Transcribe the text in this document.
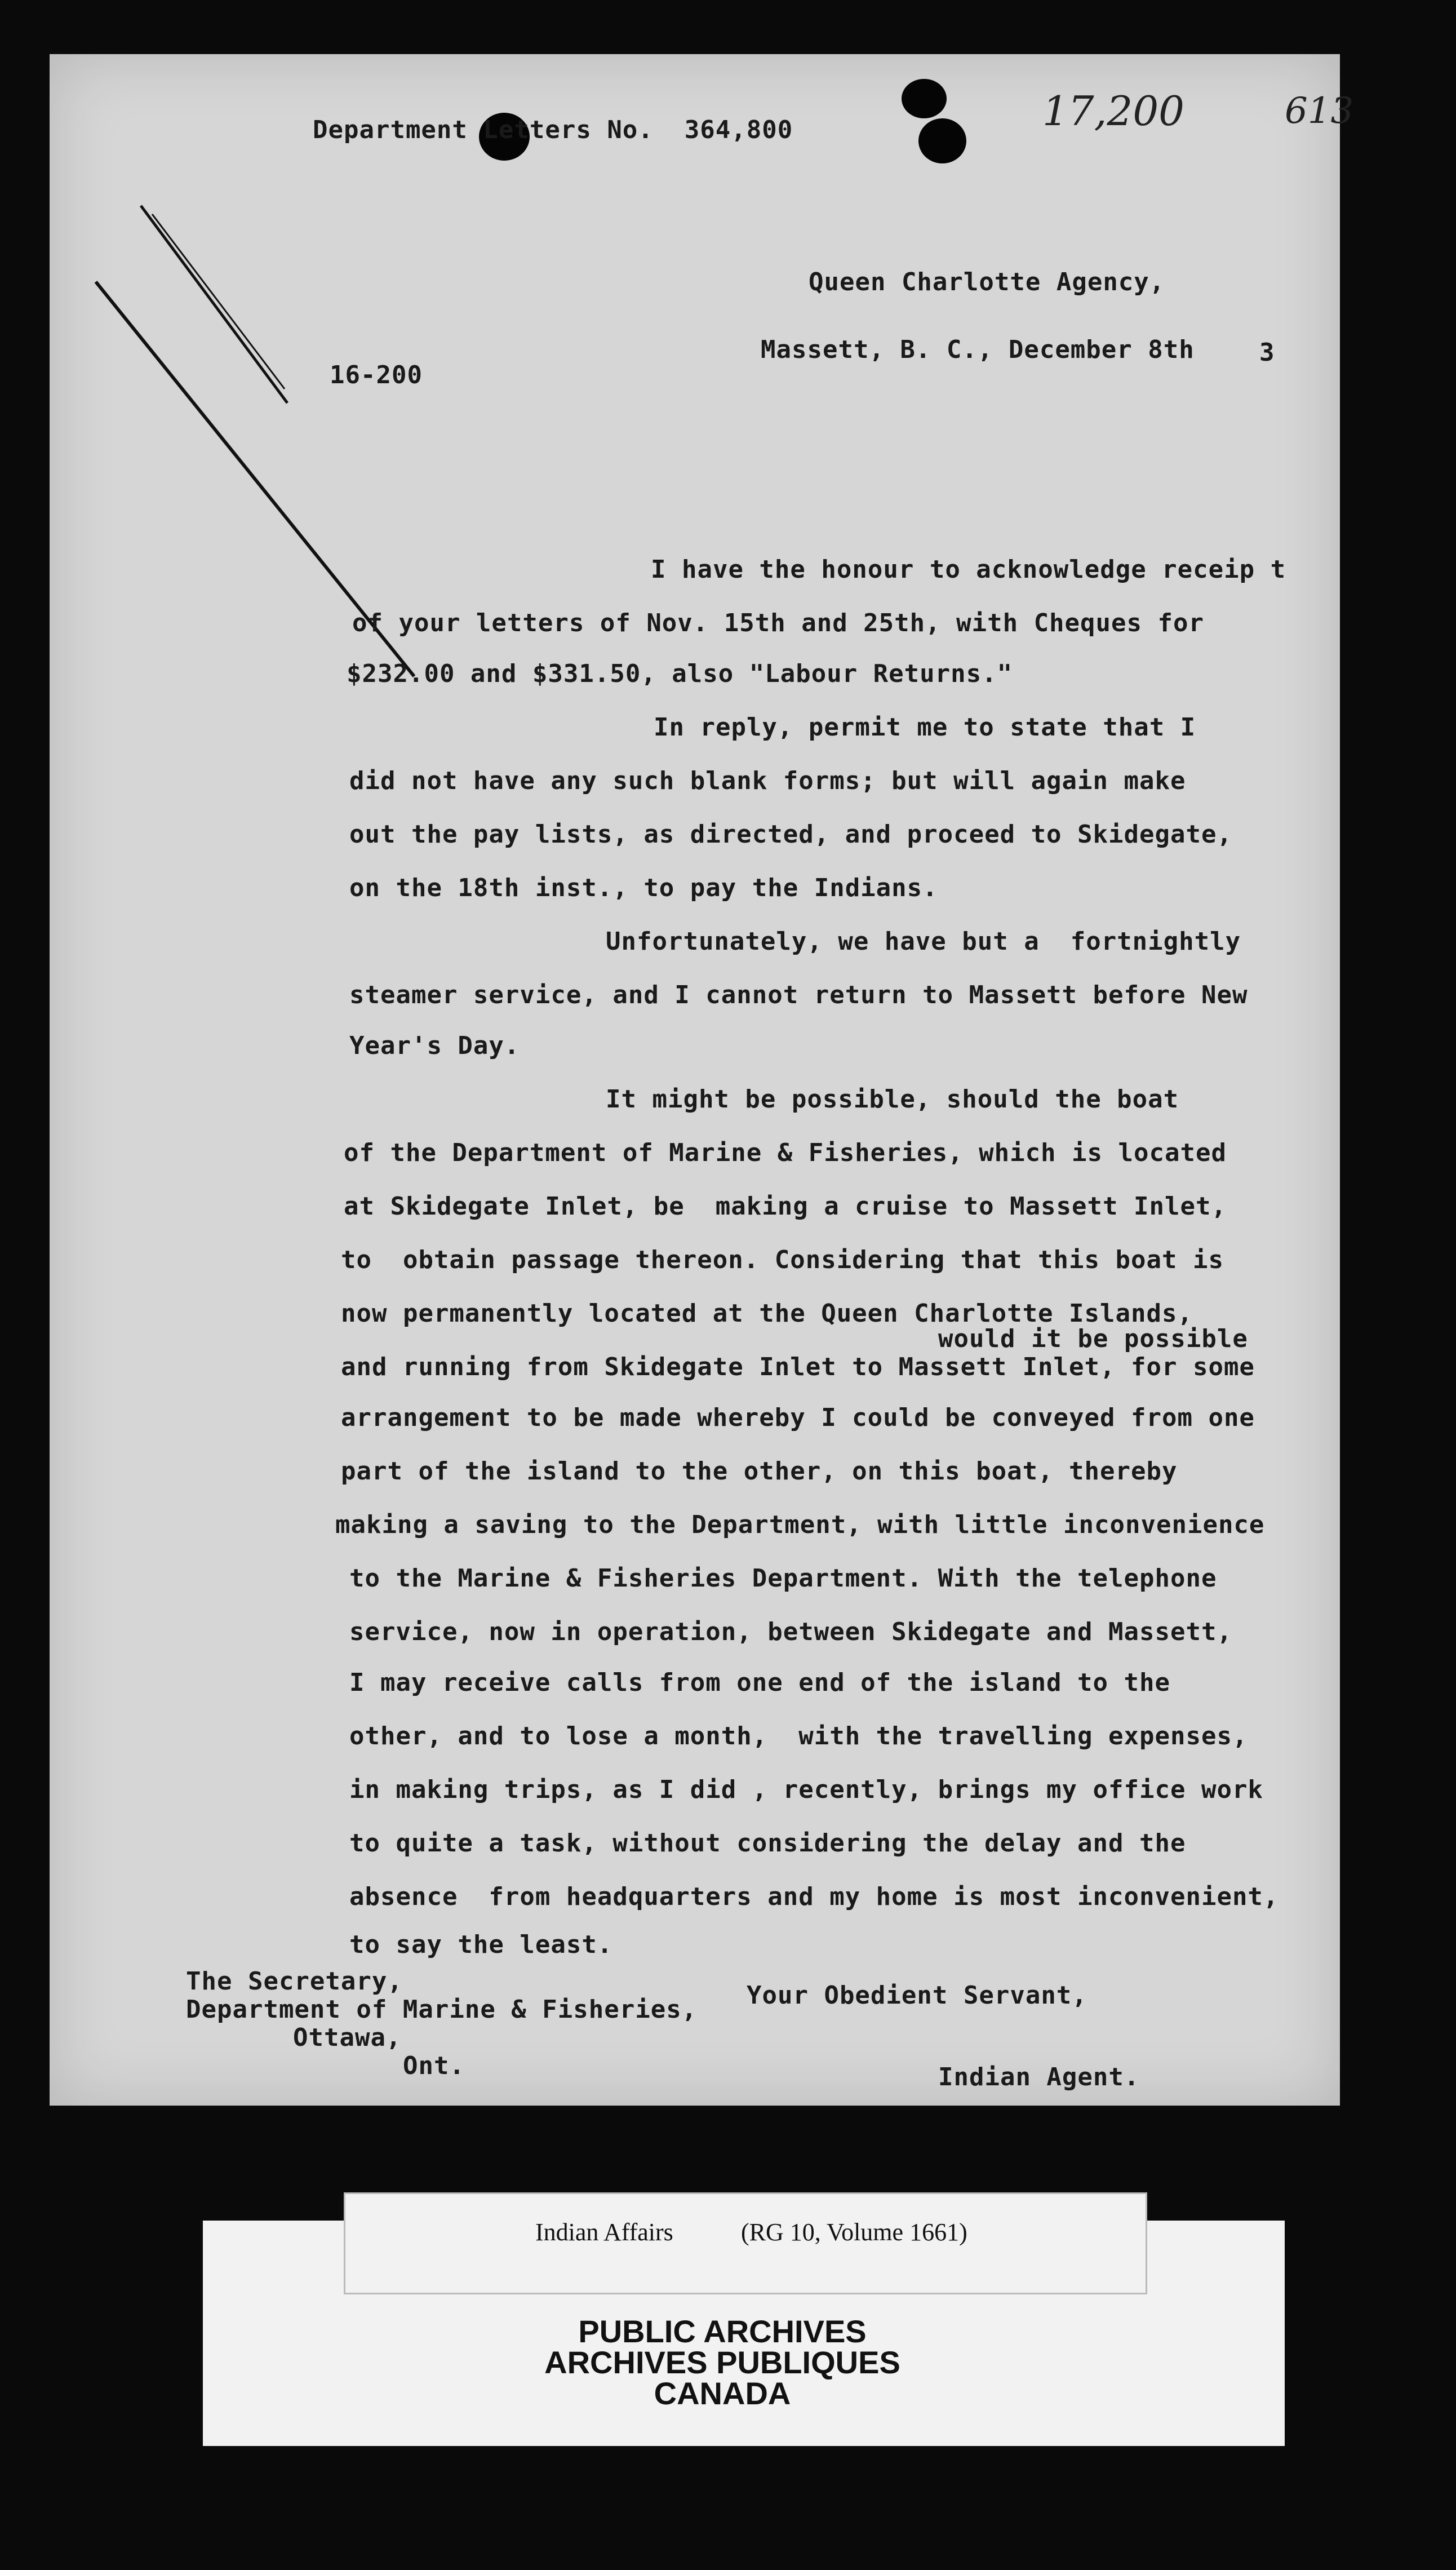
Department Letters No.  364,800	17,200	613
Queen Charlotte Agency,
Massett, B. C., December 8th	3
16-200
I have the honour to acknowledge receip t
of your letters of Nov. 15th and 25th, with Cheques for
$232.00 and $331.50, also "Labour Returns."
In reply, permit me to state that I
did not have any such blank forms; but will again make
out the pay lists, as directed, and proceed to Skidegate,
on the 18th inst., to pay the Indians.
Unfortunately, we have but a  fortnightly
steamer service, and I cannot return to Massett before New
Year's Day.
It might be possible, should the boat
of the Department of Marine & Fisheries, which is located
at Skidegate Inlet, be  making a cruise to Massett Inlet,
to  obtain passage thereon. Considering that this boat is
now permanently located at the Queen Charlotte Islands,
would it be possible
and running from Skidegate Inlet to Massett Inlet, for some
arrangement to be made whereby I could be conveyed from one
part of the island to the other, on this boat, thereby
making a saving to the Department, with little inconvenience
to the Marine & Fisheries Department. With the telephone
service, now in operation, between Skidegate and Massett,
I may receive calls from one end of the island to the
other, and to lose a month,  with the travelling expenses,
in making trips, as I did , recently, brings my office work
to quite a task, without considering the delay and the
absence  from headquarters and my home is most inconvenient,
to say the least.
The Secretary,
Department of Marine & Fisheries,
Ottawa,
Ont.
Your Obedient Servant,
Indian Agent.
Indian Affairs	(RG 10, Volume 1661)
PUBLIC ARCHIVES
ARCHIVES PUBLIQUES
CANADA
